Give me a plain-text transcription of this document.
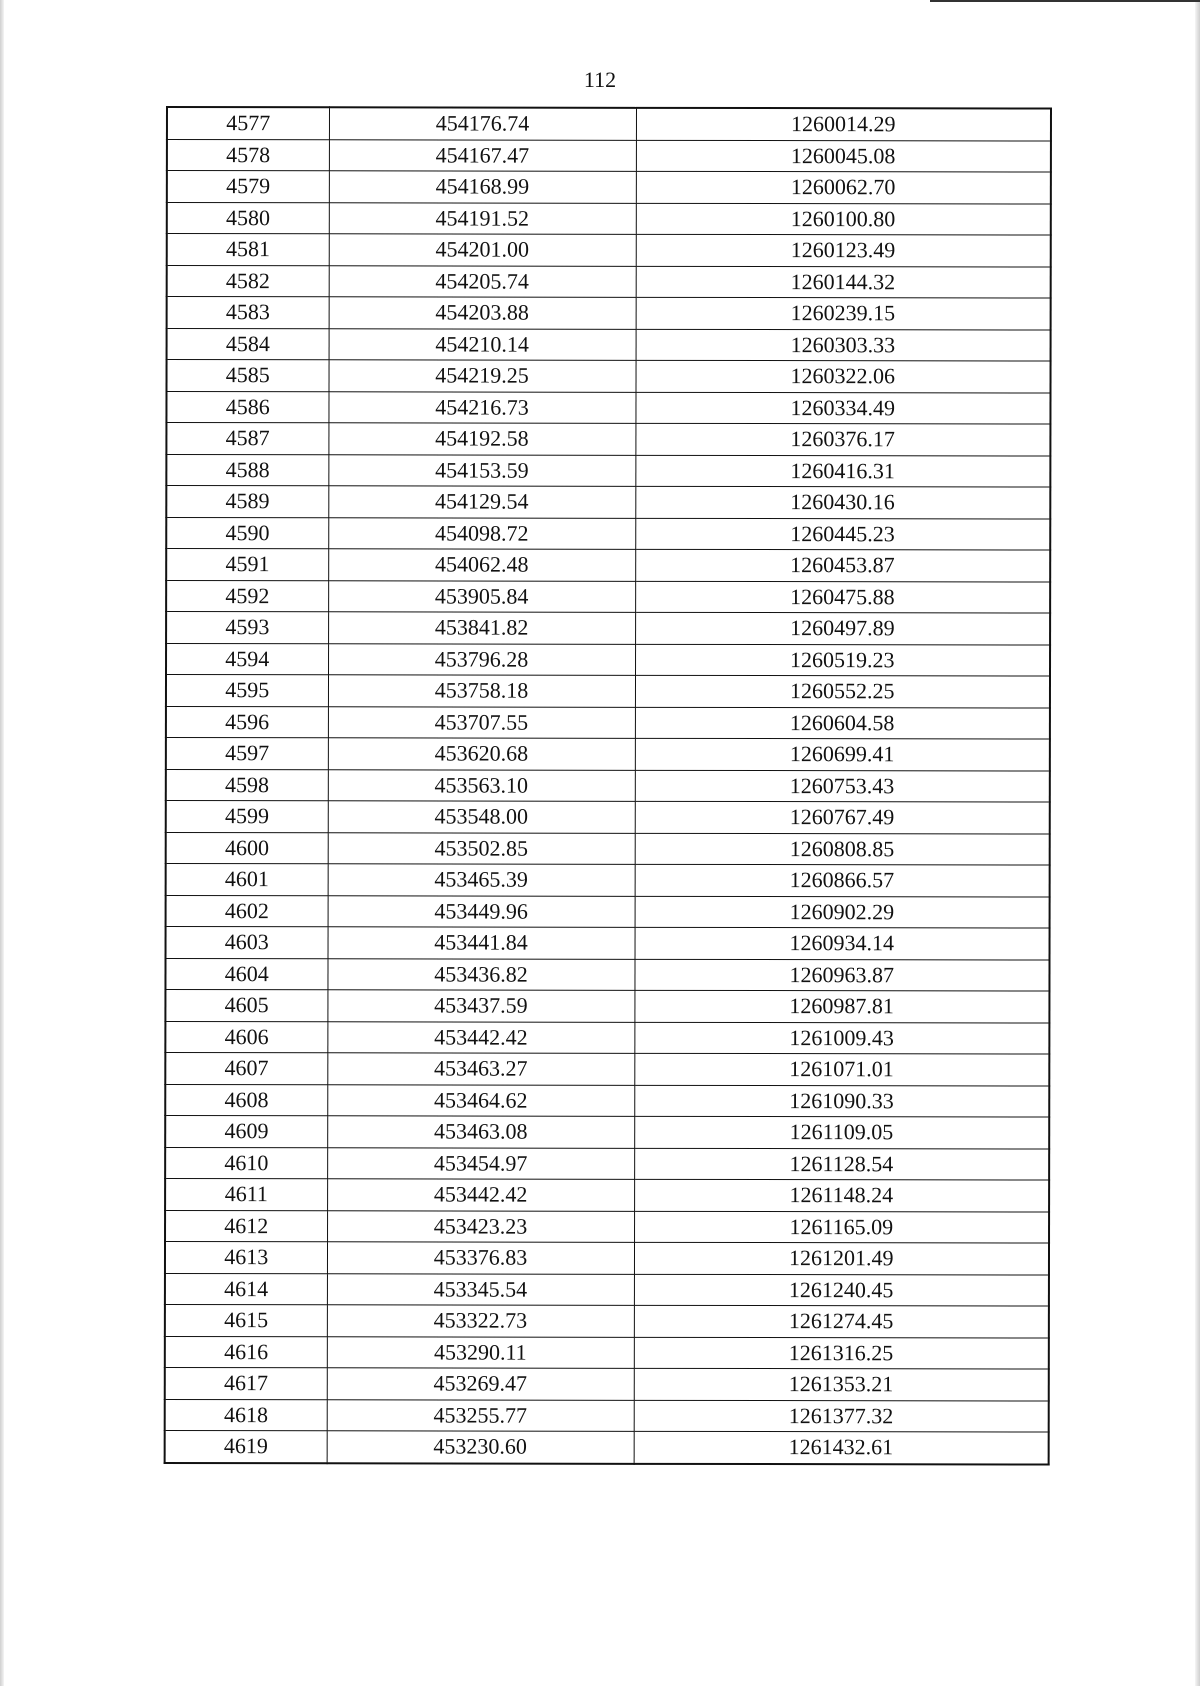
112
4577	454176.74	1260014.29
4578	454167.47	1260045.08
4579	454168.99	1260062.70
4580	454191.52	1260100.80
4581	454201.00	1260123.49
4582	454205.74	1260144.32
4583	454203.88	1260239.15
4584	454210.14	1260303.33
4585	454219.25	1260322.06
4586	454216.73	1260334.49
4587	454192.58	1260376.17
4588	454153.59	1260416.31
4589	454129.54	1260430.16
4590	454098.72	1260445.23
4591	454062.48	1260453.87
4592	453905.84	1260475.88
4593	453841.82	1260497.89
4594	453796.28	1260519.23
4595	453758.18	1260552.25
4596	453707.55	1260604.58
4597	453620.68	1260699.41
4598	453563.10	1260753.43
4599	453548.00	1260767.49
4600	453502.85	1260808.85
4601	453465.39	1260866.57
4602	453449.96	1260902.29
4603	453441.84	1260934.14
4604	453436.82	1260963.87
4605	453437.59	1260987.81
4606	453442.42	1261009.43
4607	453463.27	1261071.01
4608	453464.62	1261090.33
4609	453463.08	1261109.05
4610	453454.97	1261128.54
4611	453442.42	1261148.24
4612	453423.23	1261165.09
4613	453376.83	1261201.49
4614	453345.54	1261240.45
4615	453322.73	1261274.45
4616	453290.11	1261316.25
4617	453269.47	1261353.21
4618	453255.77	1261377.32
4619	453230.60	1261432.61
